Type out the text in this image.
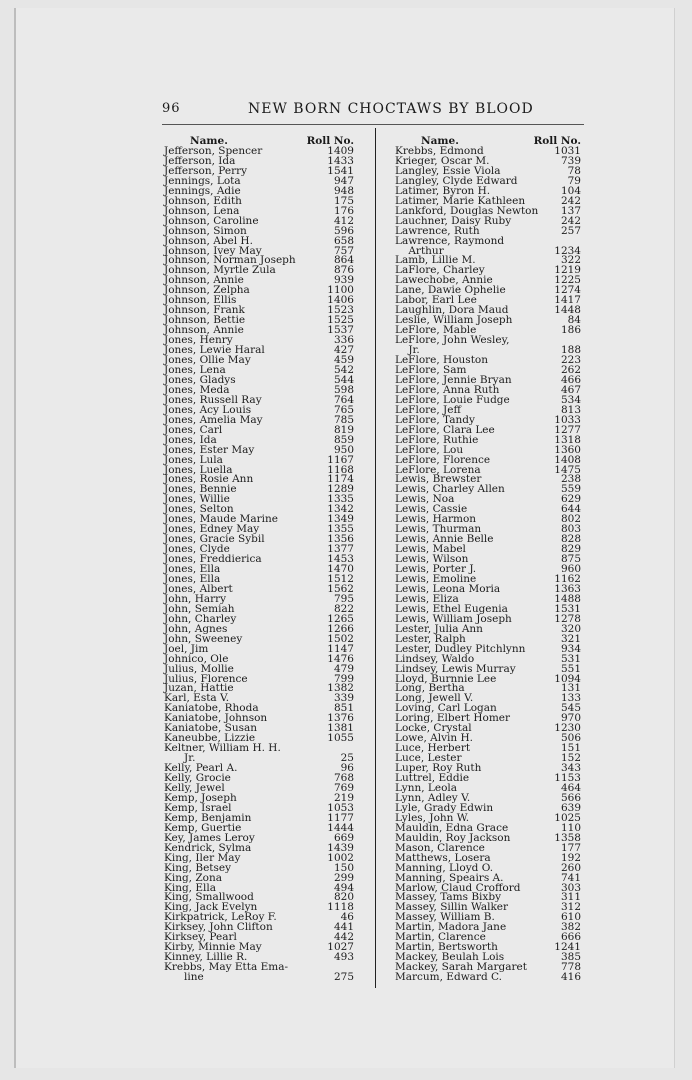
96	NEW BORN CHOCTAWS BY BLOOD
Name.	Roll No.
Jefferson, Spencer	1409
Jefferson, Ida	1433
Jefferson, Perry	1541
Jennings, Lota	947
Jennings, Adie	948
Johnson, Edith	175
Johnson, Lena	176
Johnson, Caroline	412
Johnson, Simon	596
Johnson, Abel H.	658
Johnson, Ivey May	757
Johnson, Norman Joseph	864
Johnson, Myrtle Zula	876
Johnson, Annie	939
Johnson, Zelpha	1100
Johnson, Ellis	1406
Johnson, Frank	1523
Johnson, Bettie	1525
Johnson, Annie	1537
Jones, Henry	336
Jones, Lewie Haral	427
Jones, Ollie May	459
Jones, Lena	542
Jones, Gladys	544
Jones, Meda	598
Jones, Russell Ray	764
Jones, Acy Louis	765
Jones, Amelia May	785
Jones, Carl	819
Jones, Ida	859
Jones, Ester May	950
Jones, Lula	1167
Jones, Luella	1168
Jones, Rosie Ann	1174
Jones, Bennie	1289
Jones, Willie	1335
Jones, Selton	1342
Jones, Maude Marine	1349
Jones, Edney May	1355
Jones, Gracie Sybil	1356
Jones, Clyde	1377
Jones, Freddierica	1453
Jones, Ella	1470
Jones, Ella	1512
Jones, Albert	1562
John, Harry	795
John, Semiah	822
John, Charley	1265
John, Agnes	1266
John, Sweeney	1502
Joel, Jim	1147
Johnico, Ole	1476
Julius, Mollie	479
Julius, Florence	799
Juzan, Hattie	1382
Karl, Esta V.	339
Kaniatobe, Rhoda	851
Kaniatobe, Johnson	1376
Kaniatobe, Susan	1381
Kaneubbe, Lizzie	1055
Keltner, William H. H.
Jr.	25
Kelly, Pearl A.	96
Kelly, Grocie	768
Kelly, Jewel	769
Kemp, Joseph	219
Kemp, Israel	1053
Kemp, Benjamin	1177
Kemp, Guertie	1444
Key, James Leroy	669
Kendrick, Sylma	1439
King, Iler May	1002
King, Betsey	150
King, Zona	299
King, Ella	494
King, Smallwood	820
King, Jack Evelyn	1118
Kirkpatrick, LeRoy F.	46
Kirksey, John Clifton	441
Kirksey, Pearl	442
Kirby, Minnie May	1027
Kinney, Lillie R.	493
Krebbs, May Etta Ema-
line	275
Name.	Roll No.
Krebbs, Edmond	1031
Krieger, Oscar M.	739
Langley, Essie Viola	78
Langley, Clyde Edward	79
Latimer, Byron H.	104
Latimer, Marie Kathleen	242
Lankford, Douglas Newton	137
Lauchner, Daisy Ruby	242
Lawrence, Ruth	257
Lawrence, Raymond
Arthur	1234
Lamb, Lillie M.	322
LaFlore, Charley	1219
Lawechobe, Annie	1225
Lane, Dawie Ophelie	1274
Labor, Earl Lee	1417
Laughlin, Dora Maud	1448
Leslie, William Joseph	84
LeFlore, Mable	186
LeFlore, John Wesley,
Jr.	188
LeFlore, Houston	223
LeFlore, Sam	262
LeFlore, Jennie Bryan	466
LeFlore, Anna Ruth	467
LeFlore, Louie Fudge	534
LeFlore, Jeff	813
LeFlore, Tandy	1033
LeFlore, Clara Lee	1277
LeFlore, Ruthie	1318
LeFlore, Lou	1360
LeFlore, Florence	1408
LeFlore, Lorena	1475
Lewis, Brewster	238
Lewis, Charley Allen	559
Lewis, Noa	629
Lewis, Cassie	644
Lewis, Harmon	802
Lewis, Thurman	803
Lewis, Annie Belle	828
Lewis, Mabel	829
Lewis, Wilson	875
Lewis, Porter J.	960
Lewis, Emoline	1162
Lewis, Leona Moria	1363
Lewis, Eliza	1488
Lewis, Ethel Eugenia	1531
Lewis, William Joseph	1278
Lester, Julia Ann	320
Lester, Ralph	321
Lester, Dudley Pitchlynn	934
Lindsey, Waldo	531
Lindsey, Lewis Murray	551
Lloyd, Burnnie Lee	1094
Long, Bertha	131
Long, Jewell V.	133
Loving, Carl Logan	545
Loring, Elbert Homer	970
Locke, Crystal	1230
Lowe, Alvin H.	506
Luce, Herbert	151
Luce, Lester	152
Luper, Roy Ruth	343
Luttrel, Eddie	1153
Lynn, Leola	464
Lynn, Adley V.	566
Lyle, Grady Edwin	639
Lyles, John W.	1025
Mauldin, Edna Grace	110
Mauldin, Roy Jackson	1358
Mason, Clarence	177
Matthews, Losera	192
Manning, Lloyd O.	260
Manning, Speairs A.	741
Marlow, Claud Crofford	303
Massey, Tams Bixby	311
Massey, Sillin Walker	312
Massey, William B.	610
Martin, Madora Jane	382
Martin, Clarence	666
Martin, Bertsworth	1241
Mackey, Beulah Lois	385
Mackey, Sarah Margaret	778
Marcum, Edward C.	416
